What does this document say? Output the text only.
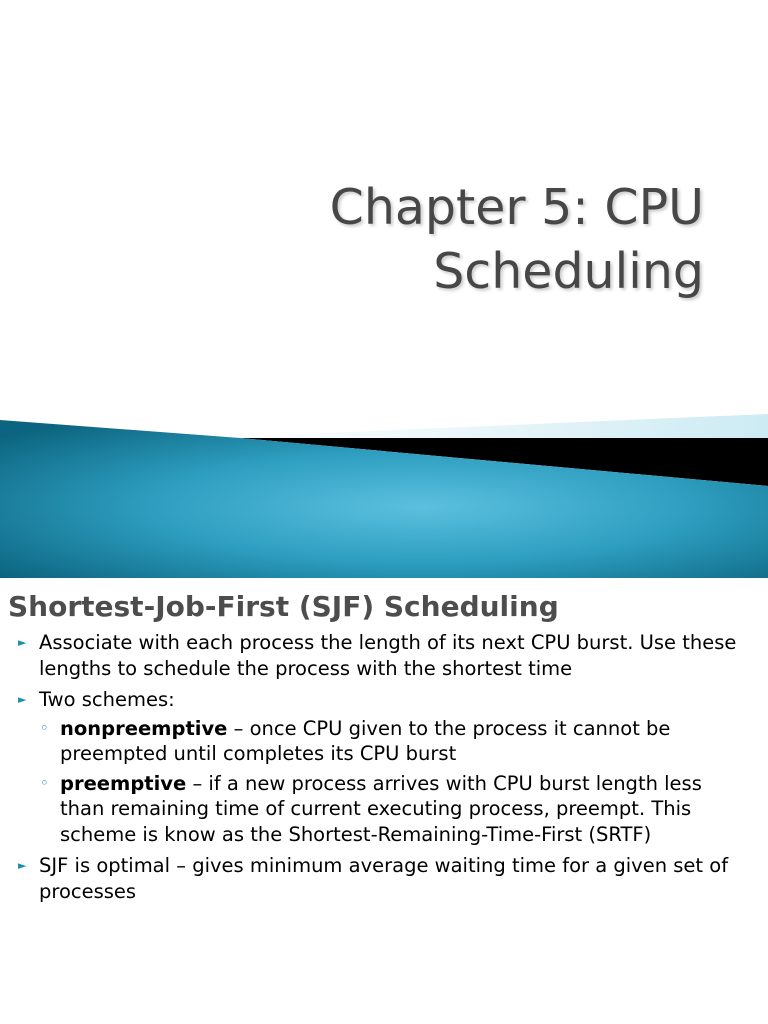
Chapter 5: CPU
Scheduling
Shortest-Job-First (SJF) Scheduling
► Associate with each process the length of its next CPU burst. Use these lengths to schedule the process with the shortest time
► Two schemes:
◦ nonpreemptive – once CPU given to the process it cannot be preempted until completes its CPU burst
◦ preemptive – if a new process arrives with CPU burst length less than remaining time of current executing process, preempt. This scheme is know as the Shortest-Remaining-Time-First (SRTF)
► SJF is optimal – gives minimum average waiting time for a given set of processes
